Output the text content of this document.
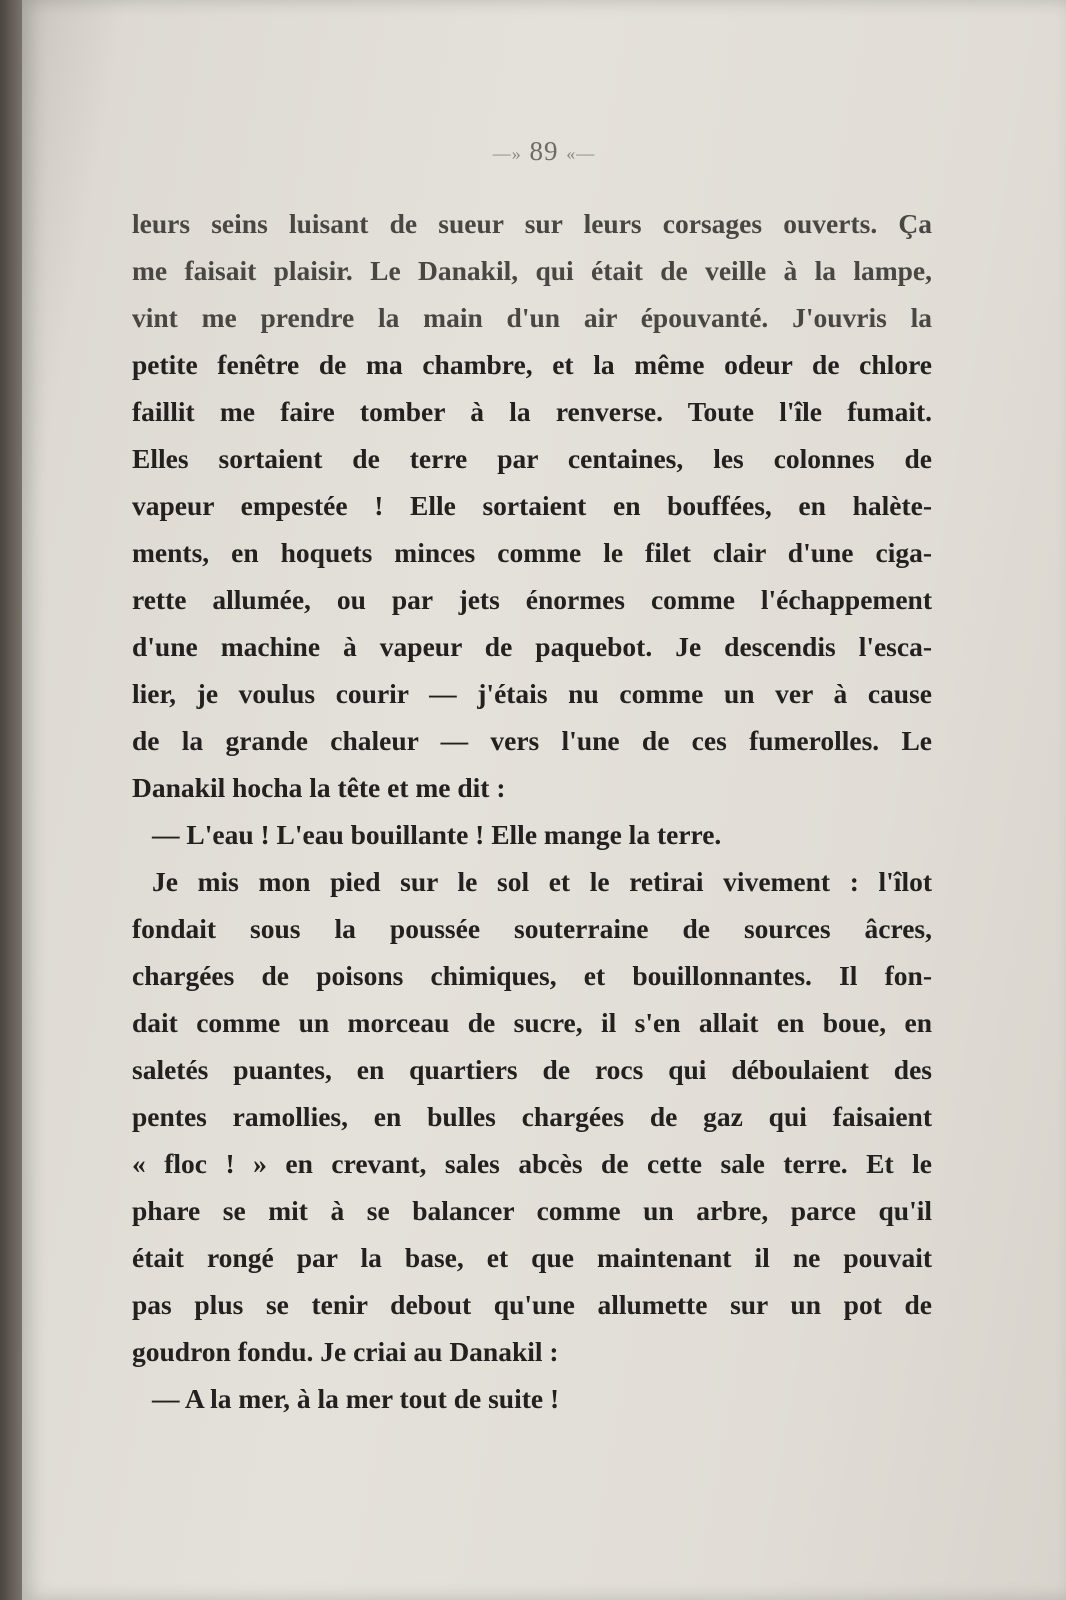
—» 89 «—
leurs seins luisant de sueur sur leurs corsages ouverts. Ça
me faisait plaisir. Le Danakil, qui était de veille à la lampe,
vint me prendre la main d'un air épouvanté. J'ouvris la
petite fenêtre de ma chambre, et la même odeur de chlore
faillit me faire tomber à la renverse. Toute l'île fumait.
Elles sortaient de terre par centaines, les colonnes de
vapeur empestée ! Elle sortaient en bouffées, en halète-
ments, en hoquets minces comme le filet clair d'une ciga-
rette allumée, ou par jets énormes comme l'échappement
d'une machine à vapeur de paquebot. Je descendis l'esca-
lier, je voulus courir — j'étais nu comme un ver à cause
de la grande chaleur — vers l'une de ces fumerolles. Le
Danakil hocha la tête et me dit :
— L'eau ! L'eau bouillante ! Elle mange la terre.
Je mis mon pied sur le sol et le retirai vivement : l'îlot
fondait sous la poussée souterraine de sources âcres,
chargées de poisons chimiques, et bouillonnantes. Il fon-
dait comme un morceau de sucre, il s'en allait en boue, en
saletés puantes, en quartiers de rocs qui déboulaient des
pentes ramollies, en bulles chargées de gaz qui faisaient
« floc ! » en crevant, sales abcès de cette sale terre. Et le
phare se mit à se balancer comme un arbre, parce qu'il
était rongé par la base, et que maintenant il ne pouvait
pas plus se tenir debout qu'une allumette sur un pot de
goudron fondu. Je criai au Danakil :
— A la mer, à la mer tout de suite !
